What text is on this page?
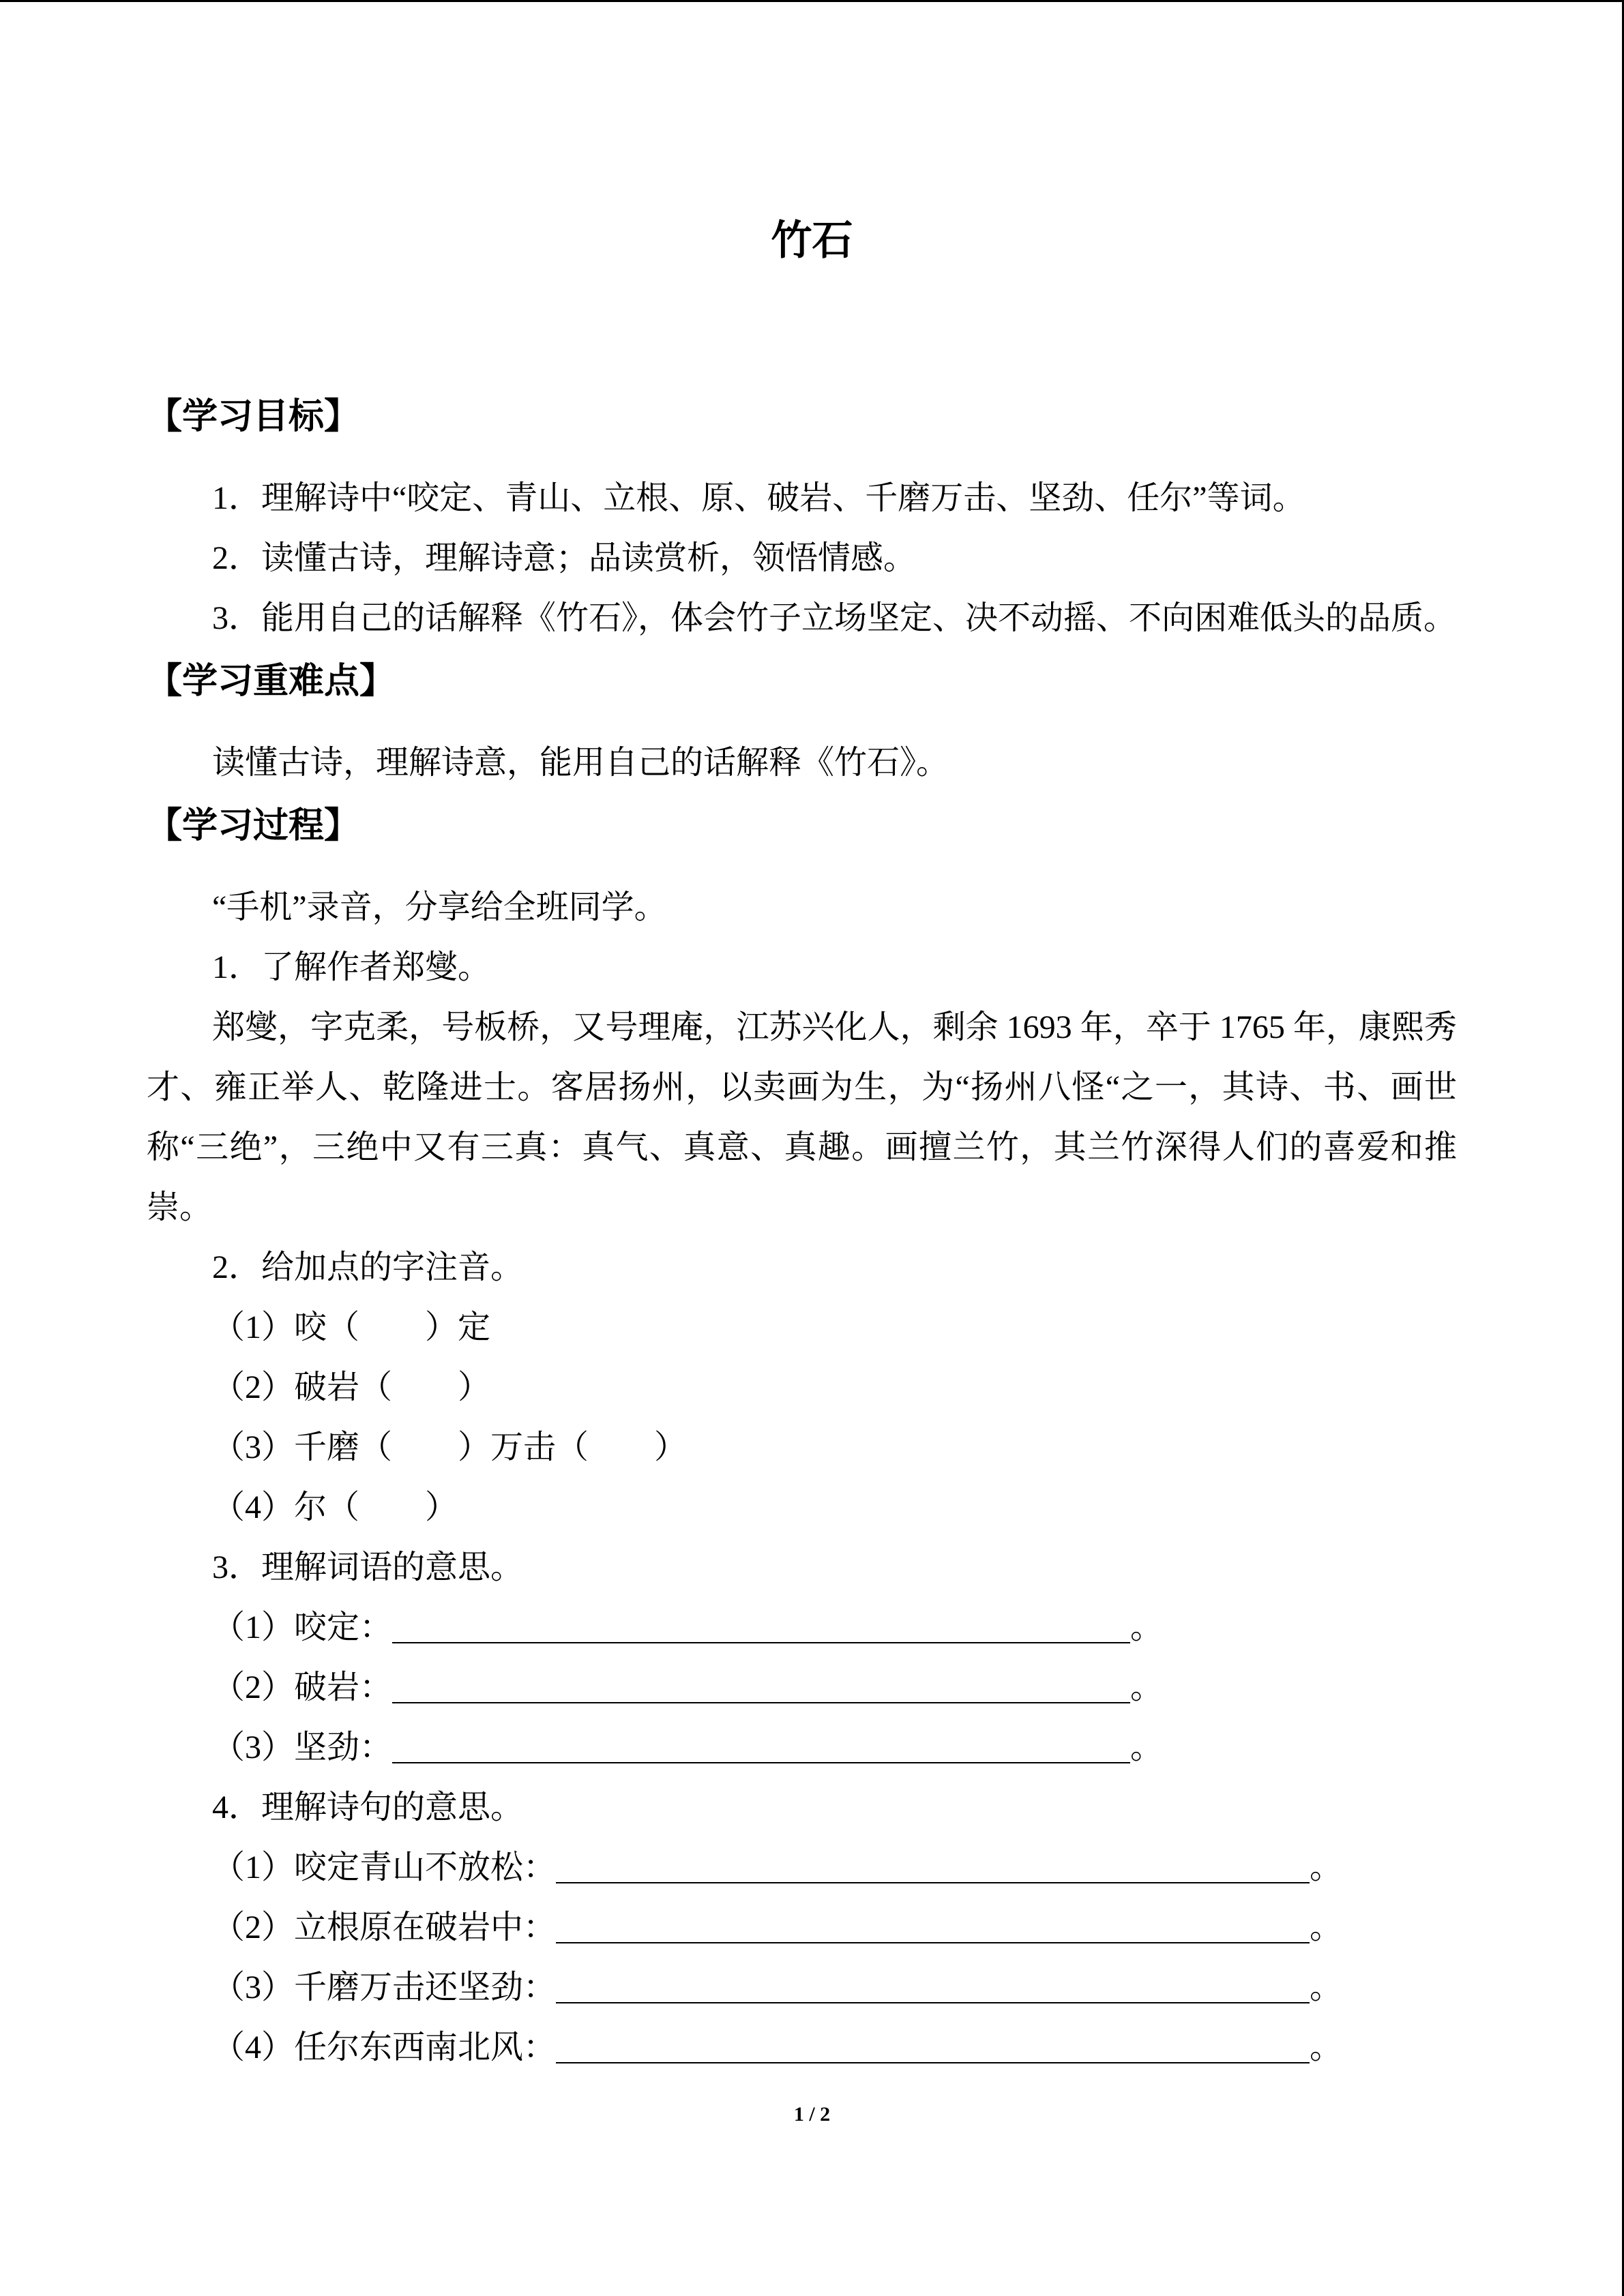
竹石
【学习目标】
1．理解诗中“咬定、青山、立根、原、破岩、千磨万击、坚劲、任尔”等词。
2．读懂古诗，理解诗意；品读赏析，领悟情感。
3．能用自己的话解释《竹石》，体会竹子立场坚定、决不动摇、不向困难低头的品质。
【学习重难点】
读懂古诗，理解诗意，能用自己的话解释《竹石》。
【学习过程】
“手机”录音，分享给全班同学。
1．了解作者郑燮。
郑燮，字克柔，号板桥，又号理庵，江苏兴化人，剩余 1693 年，卒于 1765 年，康熙秀
才、雍正举人、乾隆进士。客居扬州，以卖画为生，为“扬州八怪“之一，其诗、书、画世
称“三绝”，三绝中又有三真：真气、真意、真趣。画擅兰竹，其兰竹深得人们的喜爱和推
崇。
2．给加点的字注音。
（1）咬（　　）定
（2）破岩（　　）
（3）千磨（　　）万击（　　）
（4）尔（　　）
3．理解词语的意思。
（1）咬定：	。
（2）破岩：	。
（3）坚劲：	。
4．理解诗句的意思。
（1）咬定青山不放松：	。
（2）立根原在破岩中：	。
（3）千磨万击还坚劲：	。
（4）任尔东西南北风：	。
1 / 2
